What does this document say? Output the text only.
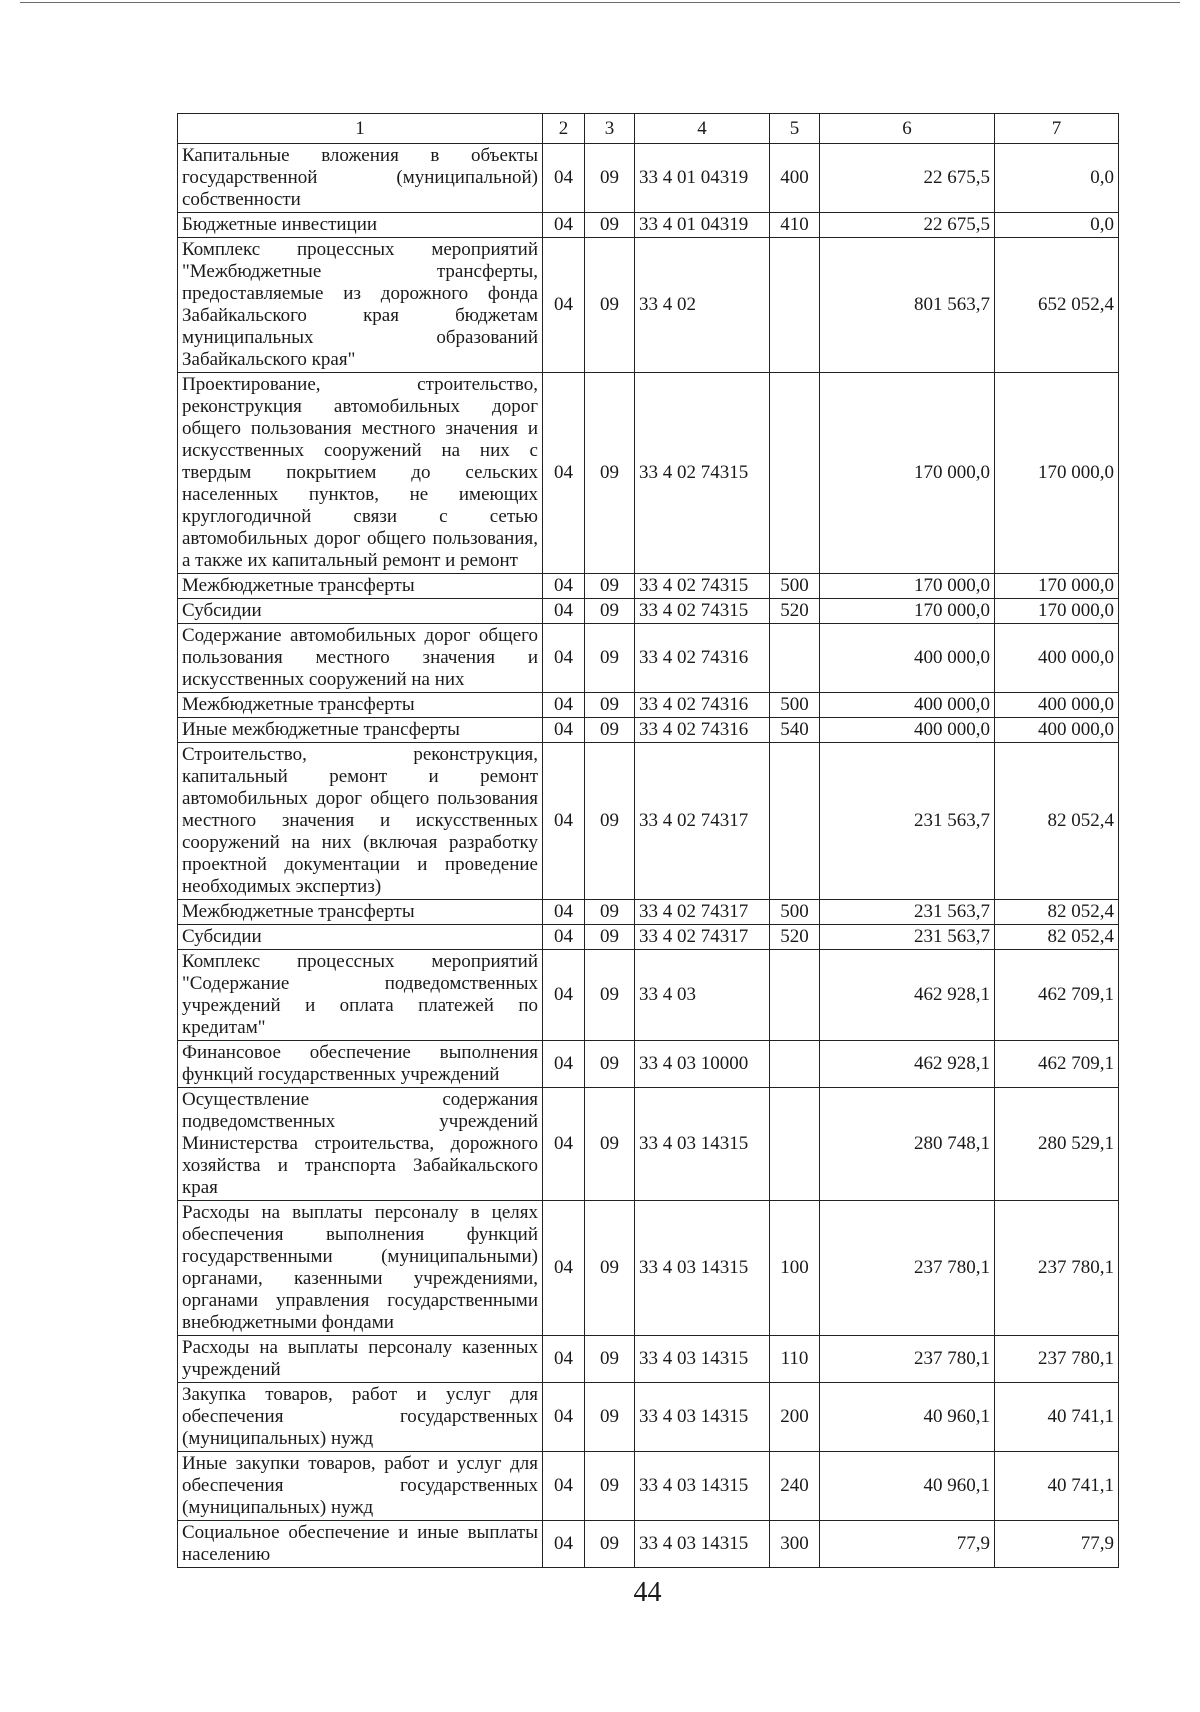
1	2	3	4	5	6	7
Капитальные вложения в объекты государственной (муниципальной) собственности	04	09	33 4 01 04319	400	22 675,5	0,0
Бюджетные инвестиции	04	09	33 4 01 04319	410	22 675,5	0,0
Комплекс процессных мероприятий "Межбюджетные трансферты, предоставляемые из дорожного фонда Забайкальского края бюджетам муниципальных образований Забайкальского края"	04	09	33 4 02		801 563,7	652 052,4
Проектирование, строительство, реконструкция автомобильных дорог общего пользования местного значения и искусственных сооружений на них с твердым покрытием до сельских населенных пунктов, не имеющих круглогодичной связи с сетью автомобильных дорог общего пользования, а также их капитальный ремонт и ремонт	04	09	33 4 02 74315		170 000,0	170 000,0
Межбюджетные трансферты	04	09	33 4 02 74315	500	170 000,0	170 000,0
Субсидии	04	09	33 4 02 74315	520	170 000,0	170 000,0
Содержание автомобильных дорог общего пользования местного значения и искусственных сооружений на них	04	09	33 4 02 74316		400 000,0	400 000,0
Межбюджетные трансферты	04	09	33 4 02 74316	500	400 000,0	400 000,0
Иные межбюджетные трансферты	04	09	33 4 02 74316	540	400 000,0	400 000,0
Строительство, реконструкция, капитальный ремонт и ремонт автомобильных дорог общего пользования местного значения и искусственных сооружений на них (включая разработку проектной документации и проведение необходимых экспертиз)	04	09	33 4 02 74317		231 563,7	82 052,4
Межбюджетные трансферты	04	09	33 4 02 74317	500	231 563,7	82 052,4
Субсидии	04	09	33 4 02 74317	520	231 563,7	82 052,4
Комплекс процессных мероприятий "Содержание подведомственных учреждений и оплата платежей по кредитам"	04	09	33 4 03		462 928,1	462 709,1
Финансовое обеспечение выполнения функций государственных учреждений	04	09	33 4 03 10000		462 928,1	462 709,1
Осуществление содержания подведомственных учреждений Министерства строительства, дорожного хозяйства и транспорта Забайкальского края	04	09	33 4 03 14315		280 748,1	280 529,1
Расходы на выплаты персоналу в целях обеспечения выполнения функций государственными (муниципальными) органами, казенными учреждениями, органами управления государственными внебюджетными фондами	04	09	33 4 03 14315	100	237 780,1	237 780,1
Расходы на выплаты персоналу казенных учреждений	04	09	33 4 03 14315	110	237 780,1	237 780,1
Закупка товаров, работ и услуг для обеспечения государственных (муниципальных) нужд	04	09	33 4 03 14315	200	40 960,1	40 741,1
Иные закупки товаров, работ и услуг для обеспечения государственных (муниципальных) нужд	04	09	33 4 03 14315	240	40 960,1	40 741,1
Социальное обеспечение и иные выплаты населению	04	09	33 4 03 14315	300	77,9	77,9
44
